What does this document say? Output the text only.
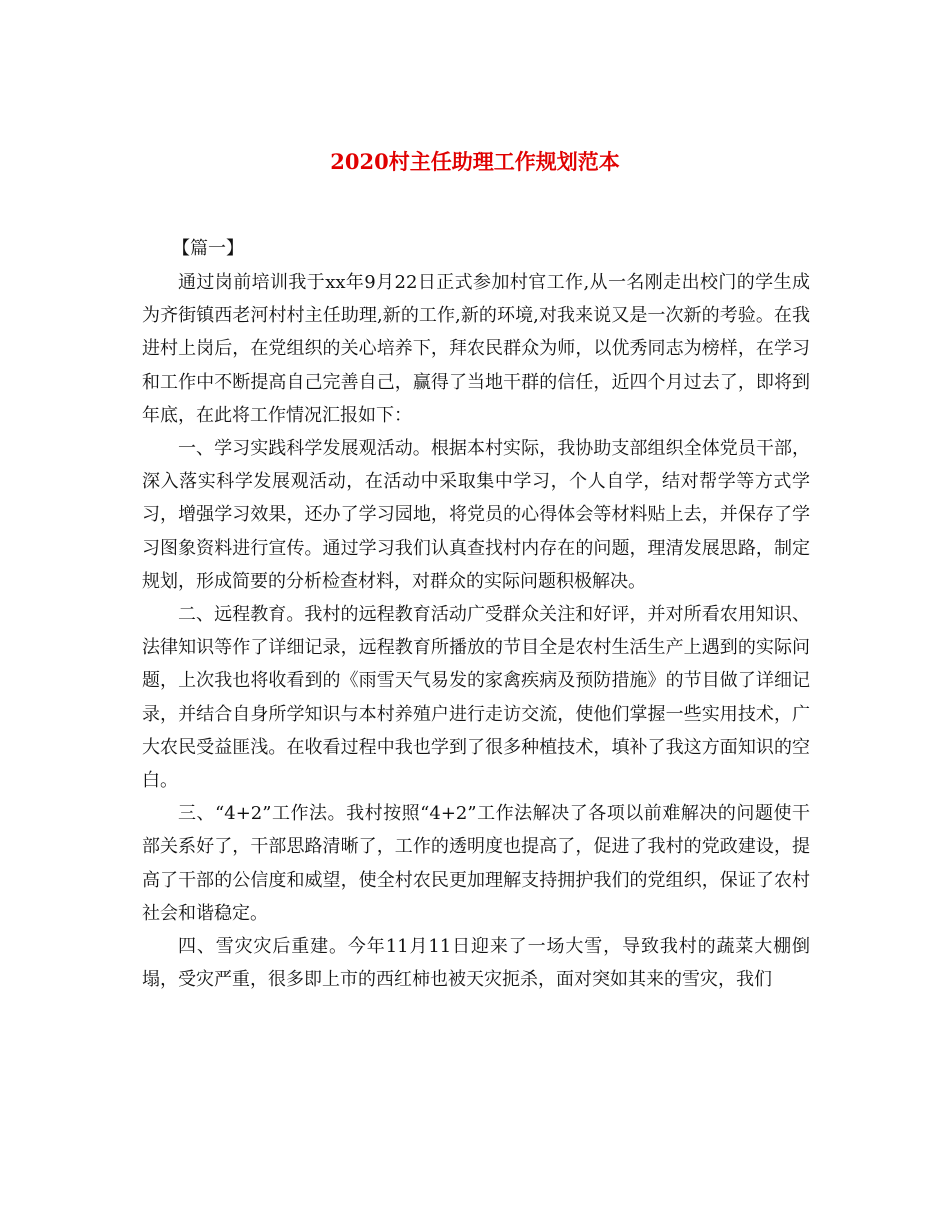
2020村主任助理工作规划范本
【篇一】

通过岗前培训我于xx年9月22日正式参加村官工作,从一名刚走出校门的学生成为齐街镇西老河村村主任助理,新的工作,新的环境,对我来说又是一次新的考验。在我进村上岗后，在党组织的关心培养下，拜农民群众为师，以优秀同志为榜样，在学习和工作中不断提高自己完善自己，赢得了当地干群的信任，近四个月过去了，即将到年底，在此将工作情况汇报如下：

一、学习实践科学发展观活动。根据本村实际，我协助支部组织全体党员干部，深入落实科学发展观活动，在活动中采取集中学习，个人自学，结对帮学等方式学习，增强学习效果，还办了学习园地，将党员的心得体会等材料贴上去，并保存了学习图象资料进行宣传。通过学习我们认真查找村内存在的问题，理清发展思路，制定规划，形成简要的分析检查材料，对群众的实际问题积极解决。

二、远程教育。我村的远程教育活动广受群众关注和好评，并对所看农用知识、法律知识等作了详细记录，远程教育所播放的节目全是农村生活生产上遇到的实际问题，上次我也将收看到的《雨雪天气易发的家禽疾病及预防措施》的节目做了详细记录，并结合自身所学知识与本村养殖户进行走访交流，使他们掌握一些实用技术，广大农民受益匪浅。在收看过程中我也学到了很多种植技术，填补了我这方面知识的空白。

三、“4+2”工作法。我村按照“4+2”工作法解决了各项以前难解决的问题使干部关系好了，干部思路清晰了，工作的透明度也提高了，促进了我村的党政建设，提高了干部的公信度和威望，使全村农民更加理解支持拥护我们的党组织，保证了农村社会和谐稳定。

四、雪灾灾后重建。今年11月11日迎来了一场大雪，导致我村的蔬菜大棚倒塌，受灾严重，很多即上市的西红柿也被天灾扼杀，面对突如其来的雪灾，我们
